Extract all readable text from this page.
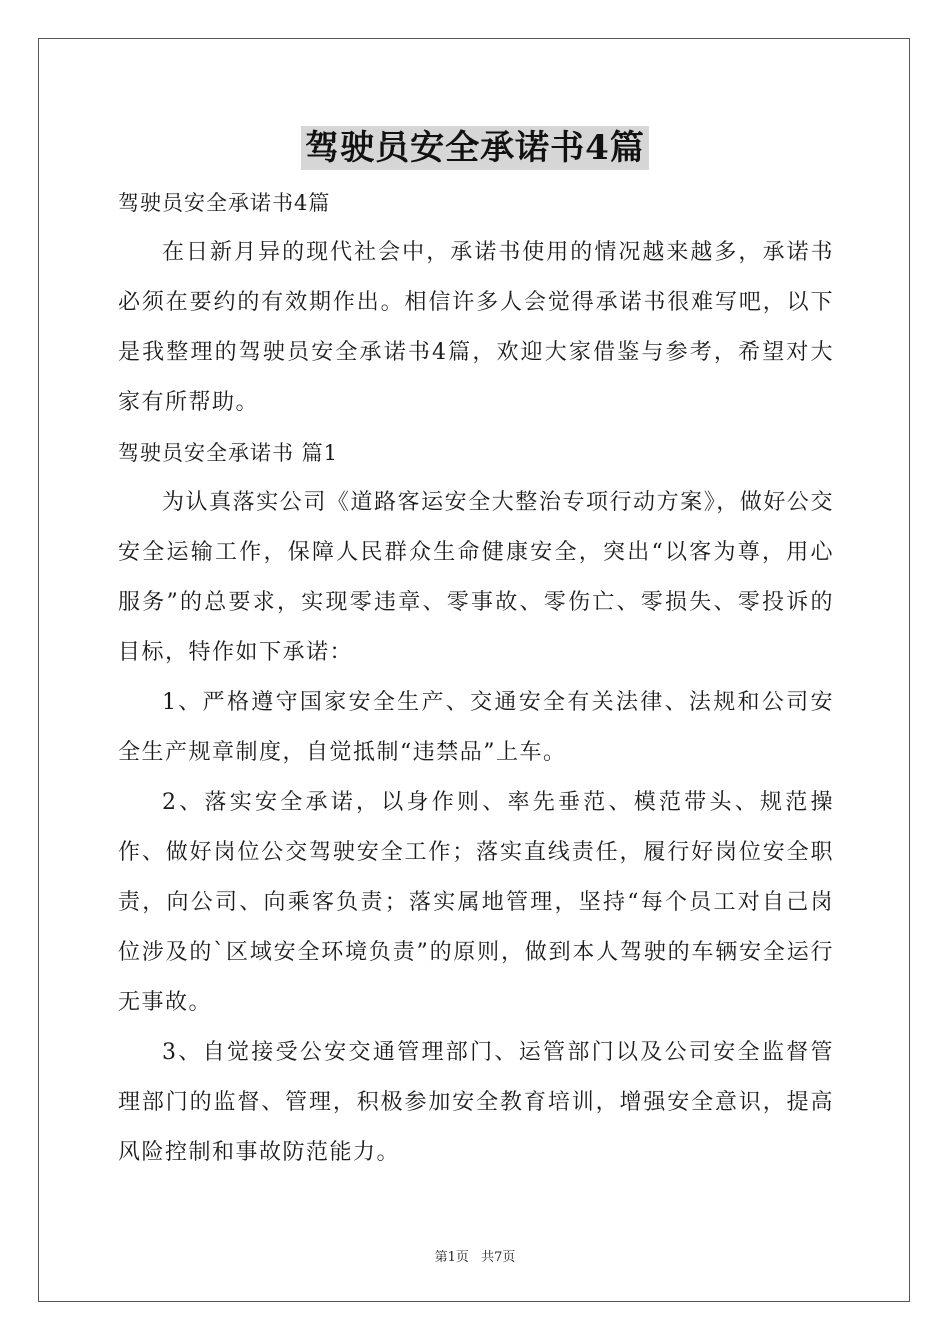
驾驶员安全承诺书4篇

驾驶员安全承诺书4篇

在日新月异的现代社会中，承诺书使用的情况越来越多，承诺书必须在要约的有效期作出。相信许多人会觉得承诺书很难写吧，以下是我整理的驾驶员安全承诺书4篇，欢迎大家借鉴与参考，希望对大家有所帮助。

驾驶员安全承诺书 篇1

为认真落实公司《道路客运安全大整治专项行动方案》，做好公交安全运输工作，保障人民群众生命健康安全，突出“以客为尊，用心服务”的总要求，实现零违章、零事故、零伤亡、零损失、零投诉的目标，特作如下承诺：

1、严格遵守国家安全生产、交通安全有关法律、法规和公司安全生产规章制度，自觉抵制“违禁品”上车。

2、落实安全承诺，以身作则、率先垂范、模范带头、规范操作、做好岗位公交驾驶安全工作；落实直线责任，履行好岗位安全职责，向公司、向乘客负责；落实属地管理，坚持“每个员工对自己岗位涉及的`区域安全环境负责”的原则，做到本人驾驶的车辆安全运行无事故。

3、自觉接受公安交通管理部门、运管部门以及公司安全监督管理部门的监督、管理，积极参加安全教育培训，增强安全意识，提高风险控制和事故防范能力。

第1页 共7页
